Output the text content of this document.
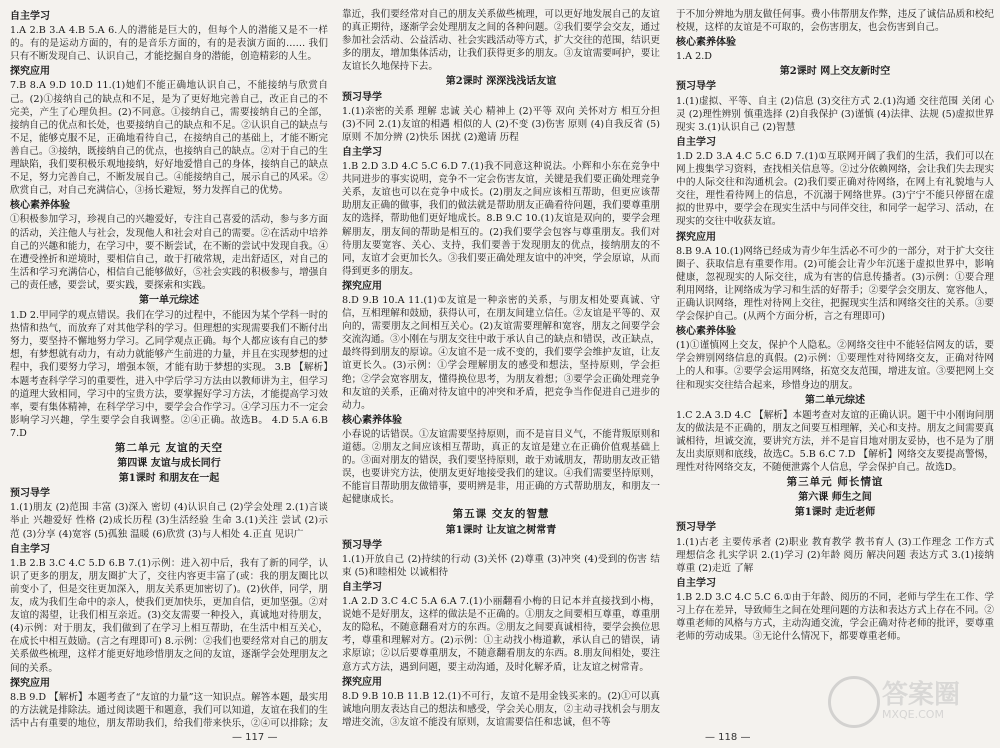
自主学习

1.A 2.B 3.A 4.B 5.A 6.人的潜能是巨大的，但每个人的潜能又是不一样的。有的是运动方面的，有的是音乐方面的，有的是表演方面的…… 我们只有不断发现自己、认识自己，才能挖掘自身的潜能，创造精彩的人生。

探究应用

7.B 8.A 9.D 10.D 11.(1)她们不能正确地认识自己，不能接纳与欣赏自己。(2)①接纳自己的缺点和不足，是为了更好地完善自己，改正自己的不完美，产生了心理负担。(2)不同意。①接纳自己，需要接纳自己的全部，接纳自己的优点和长处，也要接纳自己的缺点和不足。②认识自己的缺点与不足，能够克服不足，正确地看待自己，在接纳自己的基础上，才能不断完善自己。③接纳，既接纳自己的优点，也接纳自己的缺点。②对于自己的生理缺陷，我们要积极乐观地接纳，好好地爱惜自己的身体，接纳自己的缺点不足，努力完善自己，不断发展自己。④能接纳自己，展示自己的风采。②欣赏自己，对自己充满信心，③扬长避短，努力发挥自己的优势。

核心素养体验

①积极参加学习，珍视自己的兴趣爱好，专注自己喜爱的活动，参与多方面的活动，关注他人与社会，发现他人和社会对自己的需要。②在活动中培养自己的兴趣和能力，在学习中，要不断尝试，在不断的尝试中发现自我。④在遭受挫折和逆境时，要相信自己，敢于打破常规，走出舒适区，对自己的生活和学习充满信心，相信自己能够做好，⑤社会实践的积极参与，增强自己的责任感，要尝试，要实践，要探索和实践。

第一单元综述

1.D 2.甲同学的观点错误。我们在学习的过程中，不能因为某个学科一时的热情和热气，而放弃了对其他学科的学习。但理想的实现需要我们不断付出努力，要坚持不懈地努力学习。乙同学观点正确。每个人都应该有自己的梦想，有梦想就有动力，有动力就能够产生前进的力量，并且在实现梦想的过程中，我们要努力学习，增强本领，才能有助于梦想的实现。 3.B 【解析】本题考查科学学习的重要性，进入中学后学习方法由以教师讲为主，但学习的道理大致相同，学习中的宝贵方法，要掌握好学习方法，才能提高学习效率，要有集体精神，在科学学习中，要学会合作学习。④学习压力不一定会影响学习兴趣，学生要学会自我调整。②④正确。故选B。 4.D 5.A 6.B 7.D

第二单元 友谊的天空
第四课 友谊与成长同行
第1课时 和朋友在一起
预习导学

1.(1)朋友 (2)范围 丰富 (3)深入 密切 (4)认识自己 (2)学会处理 2.(1)言谈举止 兴趣爱好 性格 (2)成长历程 (3)生活经验 生命 3.(1)关注 尝试 (2)示范 (3)分享 (4)宽容 (5)孤独 温暖 (6)欣赏 (3)与人相处 4.正直 见识广

自主学习

1.B 2.B 3.C 4.C 5.D 6.B 7.(1)示例：进入初中后，我有了新的同学，认识了更多的朋友，朋友圈扩大了，交往内容更丰富了(或：我的朋友圈比以前变小了，但是交往更加深入，朋友关系更加密切了)。(2)伙伴，同学，朋友，成为我们生命中的亲人，使我们更加快乐，更加自信，更加坚强。②对友谊的渴望，让我们相互亲近。(3)交友需要一种投入，真诚地对待朋友，(4)示例：对于朋友，我们做到了在学习上相互帮助，在生活中相互关心，在成长中相互鼓励。(言之有理即可) 8.示例：②我们也要经常对自己的朋友关系做些梳理，这样才能更好地珍惜朋友之间的友谊，逐渐学会处理朋友之间的关系。

探究应用

8.B 9.D 【解析】本题考查了“友谊的力量”这一知识点。解答本题，最实用的方法就是排除法。通过阅读题干和题意，我们可以知道，友谊在我们的生活中占有重要的地位，朋友帮助我们，给我们带来快乐，②④可以排除；友

靠近，我们要经常对自己的朋友关系做些梳理，可以更好地发展自己的友谊的真正期待，逐渐学会处理朋友之间的各种问题。②我们要学会交友，通过参加社会活动、公益活动、社会实践活动等方式，扩大交往的范围，结识更多的朋友，增加集体活动，让我们获得更多的朋友。③友谊需要呵护，要让友谊长久地保持下去。

第2课时 深深浅浅话友谊
预习导学

1.(1)亲密的关系 理解 忠诚 关心 精神上 (2)平等 双向 关怀对方 相互分担 (3)不同 2.(1)友谊的相遇 相似的人 (2)不变 (3)伤害 原则 (4)自我反省 (5)原则 不加分辨 (2)快乐 困扰 (2)邀请 历程

自主学习

1.B 2.D 3.D 4.C 5.C 6.D 7.(1)我不同意这种说法。小辉和小东在竞争中共同进步的事实说明，竞争不一定会伤害友谊，关键是我们要正确处理竞争关系，友谊也可以在竞争中成长。(2)朋友之间应该相互帮助，但更应该帮助朋友正确的做事，我们的做法就是帮助朋友正确看待问题，我们要尊重朋友的选择，帮助他们更好地成长。8.B 9.C 10.(1)友谊是双向的，要学会理解朋友，朋友间的帮助是相互的。(2)我们要学会包容与尊重朋友。我们对待朋友要宽容、关心、支持，我们要善于发现朋友的优点，接纳朋友的不同，友谊才会更加长久。③我们要正确处理友谊中的冲突，学会原谅，从而得到更多的朋友。

探究应用

8.D 9.B 10.A 11.(1)①友谊是一种亲密的关系，与朋友相处要真诚、守信，互相理解和鼓励，获得认可，在朋友间建立信任。②友谊是平等的、双向的，需要朋友之间相互关心。(2)友谊需要理解和宽容，朋友之间要学会交流沟通。③小刚在与朋友交往中敢于承认自己的缺点和错误，改正缺点，最终得到朋友的原谅。④友谊不是一成不变的，我们要学会维护友谊，让友谊更长久。(3)示例：①学会理解朋友的感受和想法，坚持原则，学会拒绝；②学会宽容朋友，懂得换位思考，为朋友着想；③要学会正确处理竞争和友谊的关系，正确对待友谊中的冲突和矛盾，把竞争当作促进自己进步的动力。

核心素养体验

小春说的话错误。①友谊需要坚持原则，而不是盲目义气，不能背叛原则和道德。②朋友之间应该相互帮助，真正的友谊是建立在正确价值观基础上的。③面对朋友的错误，我们要坚持原则，敢于劝诫朋友，帮助朋友改正错误，也要讲究方法，使朋友更好地接受我们的建议。④我们需要坚持原则，不能盲目帮助朋友做错事，要明辨是非，用正确的方式帮助朋友，和朋友一起健康成长。

第五课 交友的智慧
第1课时 让友谊之树常青
预习导学

1.(1)开放自己 (2)持续的行动 (3)关怀 (2)尊重 (3)冲突 (4)受到的伤害 结束 (5)和睦相处 以诚相待

自主学习

1.A 2.D 3.C 4.C 5.A 6.A 7.(1)小丽翻看小梅的日记本并直接找到小梅，说她不是好朋友，这样的做法是不正确的。①朋友之间要相互尊重，尊重朋友的隐私，不随意翻看对方的东西。②朋友之间要真诚相待，要学会换位思考，尊重和理解对方。(2)示例：①主动找小梅道歉，承认自己的错误，请求原谅；②以后要尊重朋友，不随意翻看朋友的东西。8.朋友间相处，要注意方式方法，遇到问题，要主动沟通，及时化解矛盾，让友谊之树常青。

探究应用

8.D 9.B 10.B 11.B 12.(1)不可行，友谊不是用金钱买来的。(2)①可以真诚地向朋友表达自己的想法和感受，学会关心朋友，②主动寻找机会与朋友增进交流，③友谊不能没有原则，友谊需要信任和忠诚，但不等

于不加分辨地为朋友做任何事。费小伟帮朋友作弊，违反了诚信品质和校纪校规，这样的友谊是不可取的，会伤害朋友，也会伤害到自己。

核心素养体验

1.A 2.D

第2课时 网上交友新时空
预习导学

1.(1)虚拟、平等、自主 (2)信息 (3)交往方式 2.(1)沟通 交往范围 关闭 心灵 (2)理性辨别 慎重选择 (2)自我保护 (3)谨慎 (4)法律、法规 (5)虚拟世界 现实 3.(1)认识自己 (2)智慧

自主学习

1.D 2.D 3.A 4.C 5.C 6.D 7.(1)①互联网开阔了我们的生活，我们可以在网上搜集学习资料，查找相关信息等。②过分依赖网络，会让我们失去现实中的人际交往和沟通机会。(2)我们要正确对待网络，在网上有礼貌地与人交往，理性看待网上的信息，不沉溺于网络世界。(3)宁宁不能只停留在虚拟的世界中，要学会在现实生活中与同伴交往，和同学一起学习、活动，在现实的交往中收获友谊。

探究应用

8.B 9.A 10.(1)网络已经成为青少年生活必不可少的一部分，对于扩大交往圈子、获取信息有重要作用。(2)可能会让青少年沉迷于虚拟世界中，影响健康，忽视现实的人际交往，成为有害的信息传播者。(3)示例：①要合理利用网络，让网络成为学习和生活的好帮手；②要学会交朋友、宽容他人，正确认识网络，理性对待网上交往，把握现实生活和网络交往的关系。③要学会保护自己。(从两个方面分析，言之有理即可)

核心素养体验

(1)①谨慎网上交友，保护个人隐私。②网络交往中不能轻信网友的话，要学会辨别网络信息的真假。(2)示例：①要理性对待网络交友，正确对待网上的人和事。②要学会运用网络，拓宽交友范围，增进友谊。③要把网上交往和现实交往结合起来，珍惜身边的朋友。

第二单元综述

1.C 2.A 3.D 4.C 【解析】本题考查对友谊的正确认识。题干中小刚询问朋友的做法是不正确的，朋友之间要互相理解，关心和支持。朋友之间需要真诚相待，坦诚交流，要讲究方法，并不是盲目地对朋友妥协，也不是为了朋友出卖原则和底线，故选C。5.B 6.C 7.D 【解析】网络交友要提高警惕，理性对待网络交友，不随便泄露个人信息，学会保护自己。故选D。

第三单元 师长情谊
第六课 师生之间
第1课时 走近老师
预习导学

1.(1)古老 主要传承者 (2)职业 教育教学 教书育人 (3)工作理念 工作方式 理想信念 扎实学识 2.(1)学习 (2)年龄 阅历 解决问题 表达方式 3.(1)接纳 尊重 (2)走近 了解

自主学习

1.B 2.D 3.C 4.C 5.C 6.①由于年龄、阅历的不同，老师与学生在工作、学习上存在差异，导致师生之间在处理问题的方法和表达方式上存在不同。②尊重老师的风格与方式，主动沟通交流，学会正确对待老师的批评，要尊重老师的劳动成果。③无论什么情况下，都要尊重老师。

— 117 —	— 118 —
答案圈
MXQE.COM
